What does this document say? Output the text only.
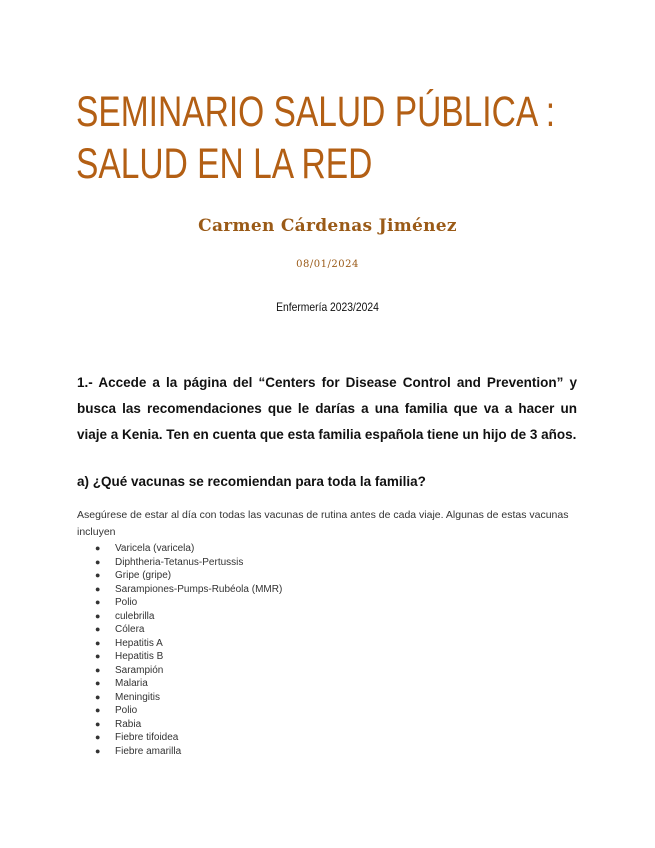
SEMINARIO SALUD PÚBLICA :
SALUD EN LA RED
Carmen Cárdenas Jiménez
08/01/2024
Enfermería 2023/2024
1.- Accede a la página del “Centers for Disease Control and Prevention” y busca las recomendaciones que le darías a una familia que va a hacer un viaje a Kenia. Ten en cuenta que esta familia española tiene un hijo de 3 años.
a) ¿Qué vacunas se recomiendan para toda la familia?
Asegúrese de estar al día con todas las vacunas de rutina antes de cada viaje. Algunas de estas vacunas incluyen
● Varicela (varicela)
● Diphtheria-Tetanus-Pertussis
● Gripe (gripe)
● Sarampiones-Pumps-Rubéola (MMR)
● Polio
● culebrilla
● Cólera
● Hepatitis A
● Hepatitis B
● Sarampión
● Malaria
● Meningitis
● Polio
● Rabia
● Fiebre tifoidea
● Fiebre amarilla
